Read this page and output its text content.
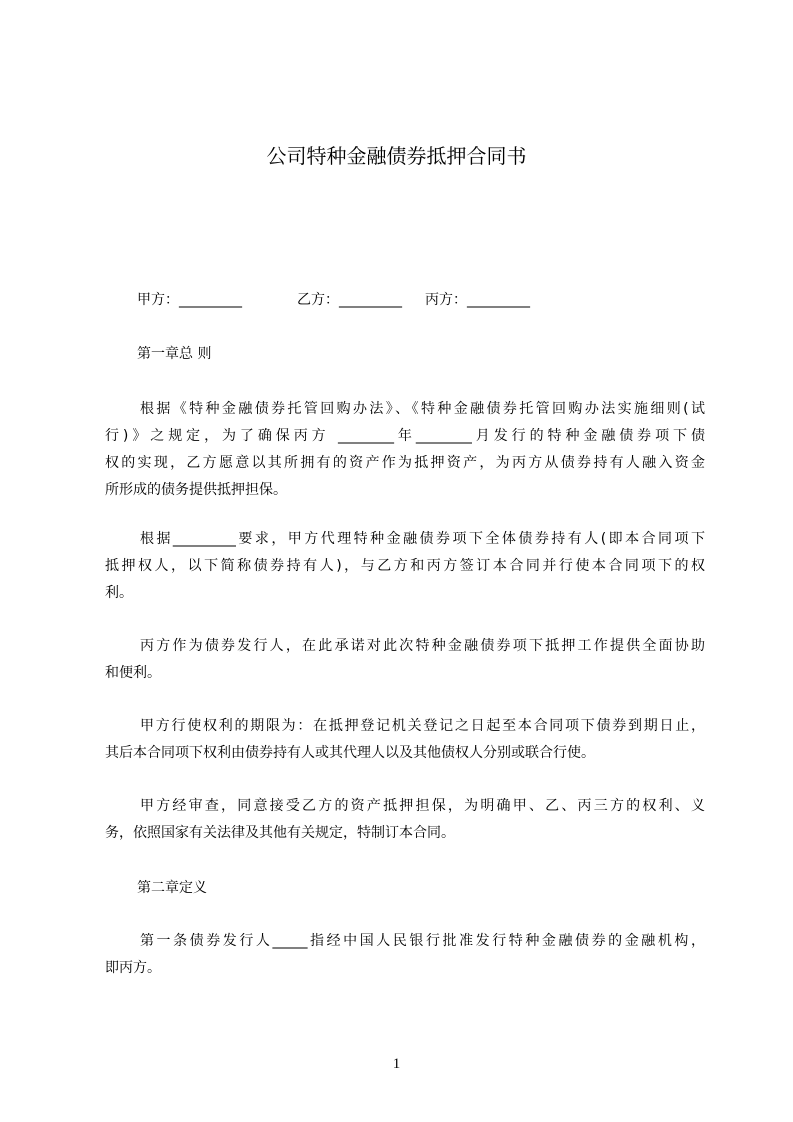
公司特种金融债券抵押合同书
甲方：_________	乙方：_________ 丙方：_________
第一章总 则

根据《特种金融债券托管回购办法》、《特种金融债券托管回购办法实施细则(试
行)》之规定，为了确保丙方 ________年________月发行的特种金融债券项下债
权的实现，乙方愿意以其所拥有的资产作为抵押资产，为丙方从债券持有人融入资金
所形成的债务提供抵押担保。

根据_________要求，甲方代理特种金融债券项下全体债券持有人(即本合同项下
抵押权人，以下简称债券持有人)，与乙方和丙方签订本合同并行使本合同项下的权
利。

丙方作为债券发行人，在此承诺对此次特种金融债券项下抵押工作提供全面协助
和便利。

甲方行使权利的期限为：在抵押登记机关登记之日起至本合同项下债券到期日止，
其后本合同项下权利由债券持有人或其代理人以及其他债权人分别或联合行使。

甲方经审查，同意接受乙方的资产抵押担保，为明确甲、乙、丙三方的权利、义
务，依照国家有关法律及其他有关规定，特制订本合同。

第二章定义

第一条债券发行人_____指经中国人民银行批准发行特种金融债券的金融机构，
即丙方。

1
